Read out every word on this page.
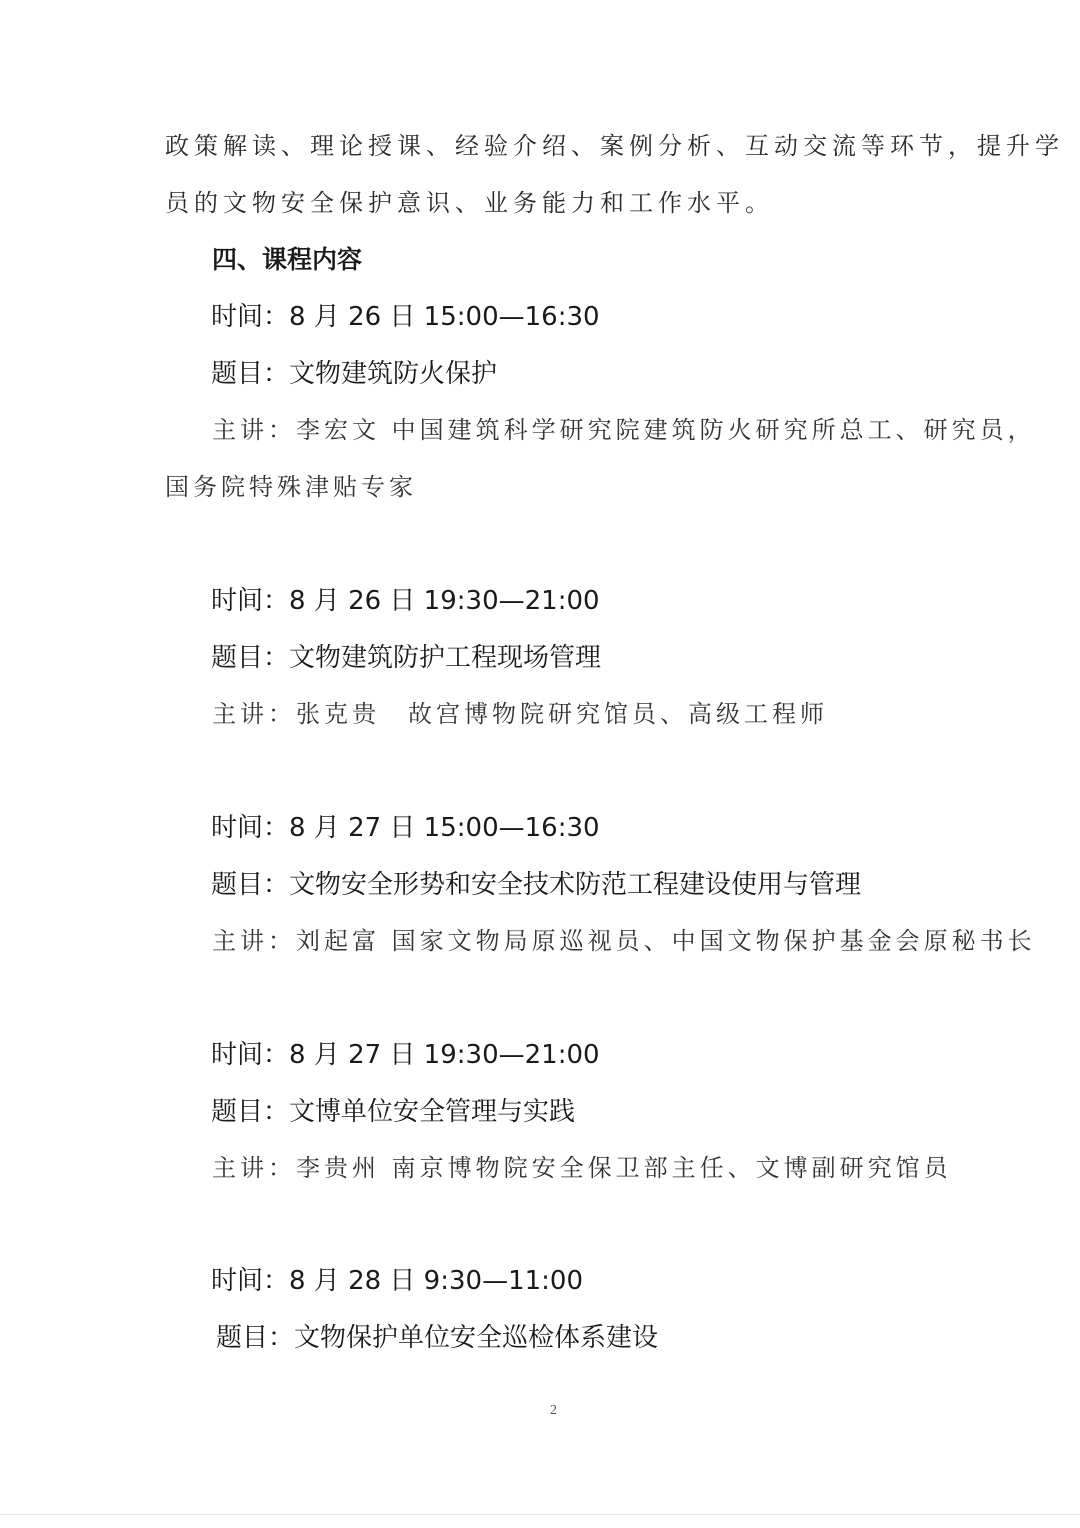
政策解读、理论授课、经验介绍、案例分析、互动交流等环节，提升学
员的文物安全保护意识、业务能力和工作水平。
四、课程内容
时间：8 月 26 日 15:00—16:30
题目：文物建筑防火保护
主讲：李宏文 中国建筑科学研究院建筑防火研究所总工、研究员，
国务院特殊津贴专家
时间：8 月 26 日 19:30—21:00
题目：文物建筑防护工程现场管理
主讲：张克贵　故宫博物院研究馆员、高级工程师
时间：8 月 27 日 15:00—16:30
题目：文物安全形势和安全技术防范工程建设使用与管理
主讲：刘起富 国家文物局原巡视员、中国文物保护基金会原秘书长
时间：8 月 27 日 19:30—21:00
题目：文博单位安全管理与实践
主讲：李贵州 南京博物院安全保卫部主任、文博副研究馆员
时间：8 月 28 日 9:30—11:00
题目：文物保护单位安全巡检体系建设
2
